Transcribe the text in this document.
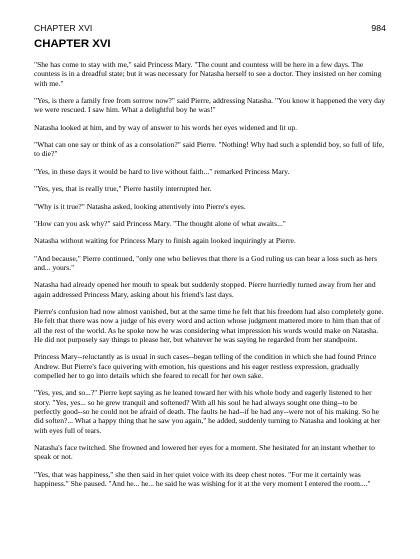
CHAPTER XVI	984
CHAPTER XVI

"She has come to stay with me," said Princess Mary. "The count and countess will be here in a few days. The countess is in a dreadful state; but it was necessary for Natasha herself to see a doctor. They insisted on her coming with me."

"Yes, is there a family free from sorrow now?" said Pierre, addressing Natasha. "You know it happened the very day we were rescued. I saw him. What a delightful boy he was!"

Natasha looked at him, and by way of answer to his words her eyes widened and lit up.

"What can one say or think of as a consolation?" said Pierre. "Nothing! Why had such a splendid boy, so full of life, to die?"

"Yes, in these days it would be hard to live without faith..." remarked Princess Mary.

"Yes, yes, that is really true," Pierre hastily interrupted her.

"Why is it true?" Natasha asked, looking attentively into Pierre's eyes.

"How can you ask why?" said Princess Mary. "The thought alone of what awaits..."

Natasha without waiting for Princess Mary to finish again looked inquiringly at Pierre.

"And because," Pierre continued, "only one who believes that there is a God ruling us can bear a loss such as hers and... yours."

Natasha had already opened her mouth to speak but suddenly stopped. Pierre hurriedly turned away from her and again addressed Princess Mary, asking about his friend's last days.

Pierre's confusion had now almost vanished, but at the same time he felt that his freedom had also completely gone. He felt that there was now a judge of his every word and action whose judgment mattered more to him than that of all the rest of the world. As he spoke now he was considering what impression his words would make on Natasha. He did not purposely say things to please her, but whatever he was saying he regarded from her standpoint.

Princess Mary--reluctantly as is usual in such cases--began telling of the condition in which she had found Prince Andrew. But Pierre's face quivering with emotion, his questions and his eager restless expression, gradually compelled her to go into details which she feared to recall for her own sake.

"Yes, yes, and so...?" Pierre kept saying as he leaned toward her with his whole body and eagerly listened to her story. "Yes, yes... so he grew tranquil and softened? With all his soul he had always sought one thing--to be perfectly good--so he could not be afraid of death. The faults he had--if he had any--were not of his making. So he did soften?... What a happy thing that he saw you again," he added, suddenly turning to Natasha and looking at her with eyes full of tears.

Natasha's face twitched. She frowned and lowered her eyes for a moment. She hesitated for an instant whether to speak or not.

"Yes, that was happiness," she then said in her quiet voice with its deep chest notes. "For me it certainly was happiness." She paused. "And he... he... he said he was wishing for it at the very moment I entered the room...."
